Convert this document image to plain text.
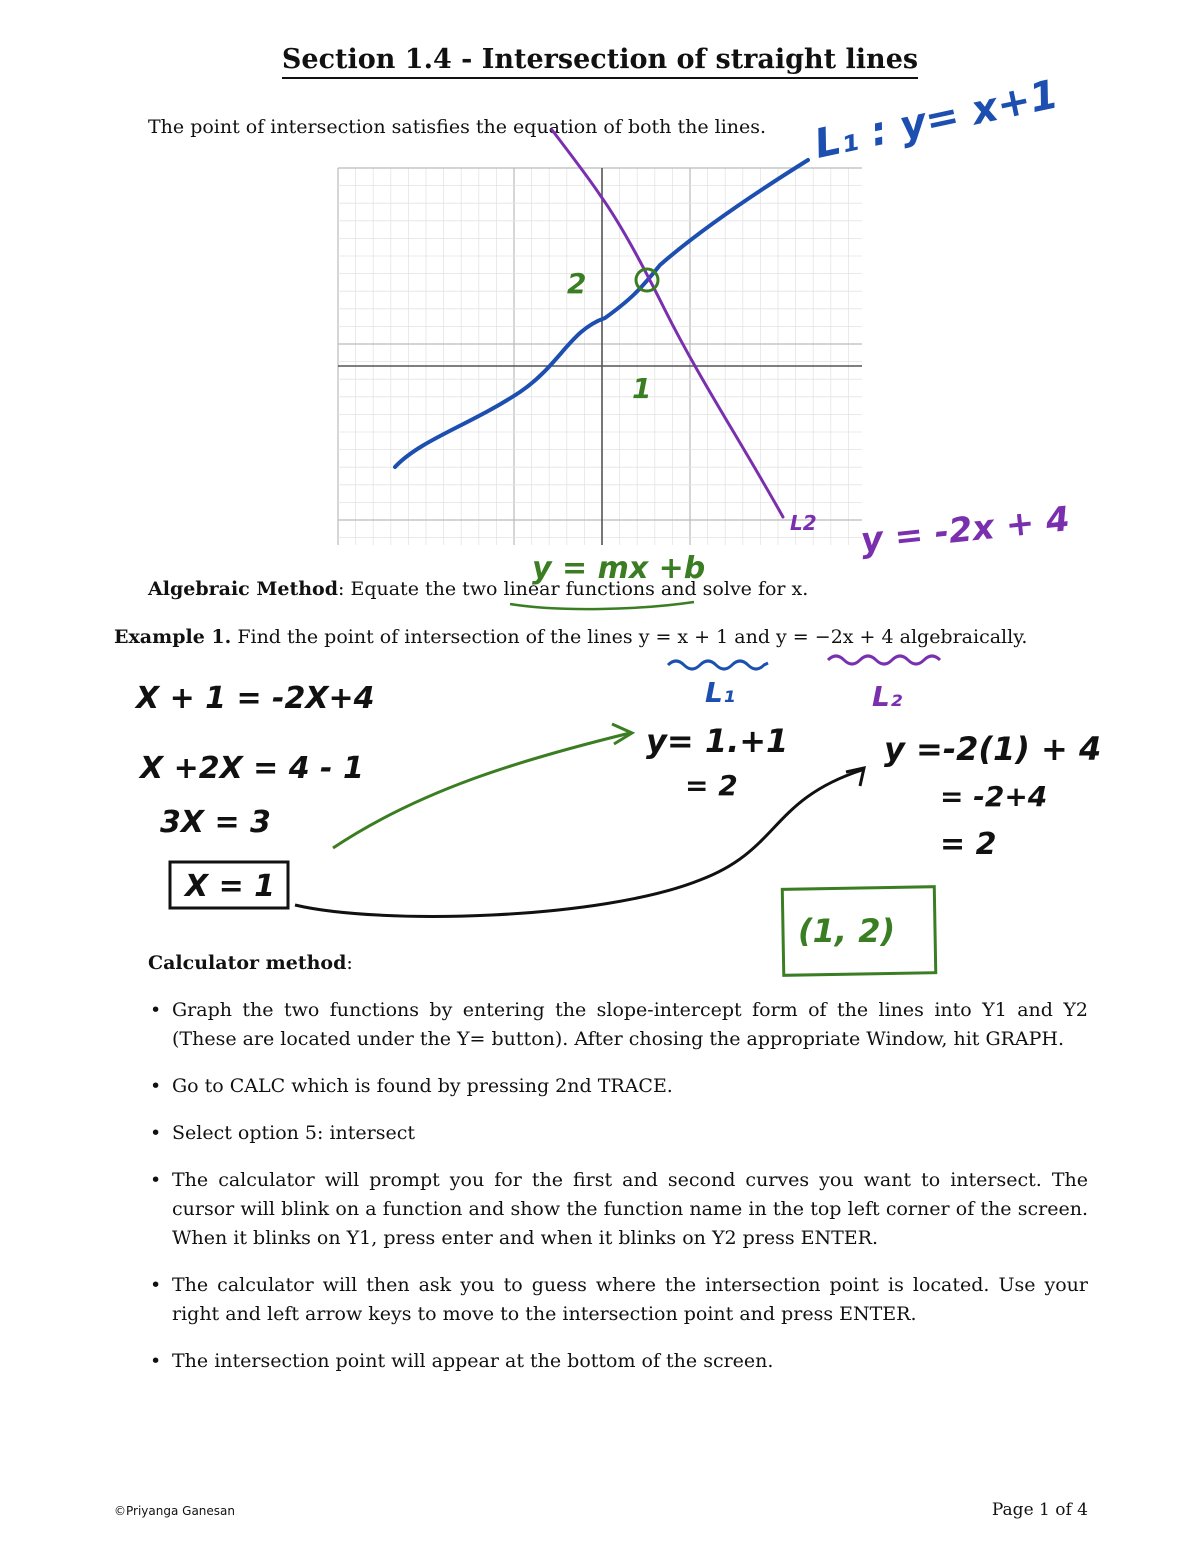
Section 1.4 - Intersection of straight lines
The point of intersection satisfies the equation of both the lines. L₁ : y= x+1
2
1
L2 y = -2x + 4
y = mx +b
L₁	L₂
X + 1 = -2X+4
X +2X = 4 - 1
3X = 3
X = 1
y= 1.+1
= 2
y =-2(1) + 4
= -2+4
= 2
(1, 2)
Algebraic Method: Equate the two linear functions and solve for x.
Example 1. Find the point of intersection of the lines y = x + 1 and y = −2x + 4 algebraically.
Calculator method:
• Graph the two functions by entering the slope-intercept form of the lines into Y1 and Y2 (These are located under the Y= button). After chosing the appropriate Window, hit GRAPH.
• Go to CALC which is found by pressing 2nd TRACE.
• Select option 5: intersect
• The calculator will prompt you for the first and second curves you want to intersect. The cursor will blink on a function and show the function name in the top left corner of the screen. When it blinks on Y1, press enter and when it blinks on Y2 press ENTER.
• The calculator will then ask you to guess where the intersection point is located. Use your right and left arrow keys to move to the intersection point and press ENTER.
• The intersection point will appear at the bottom of the screen.
©Priyanga Ganesan	Page 1 of 4
